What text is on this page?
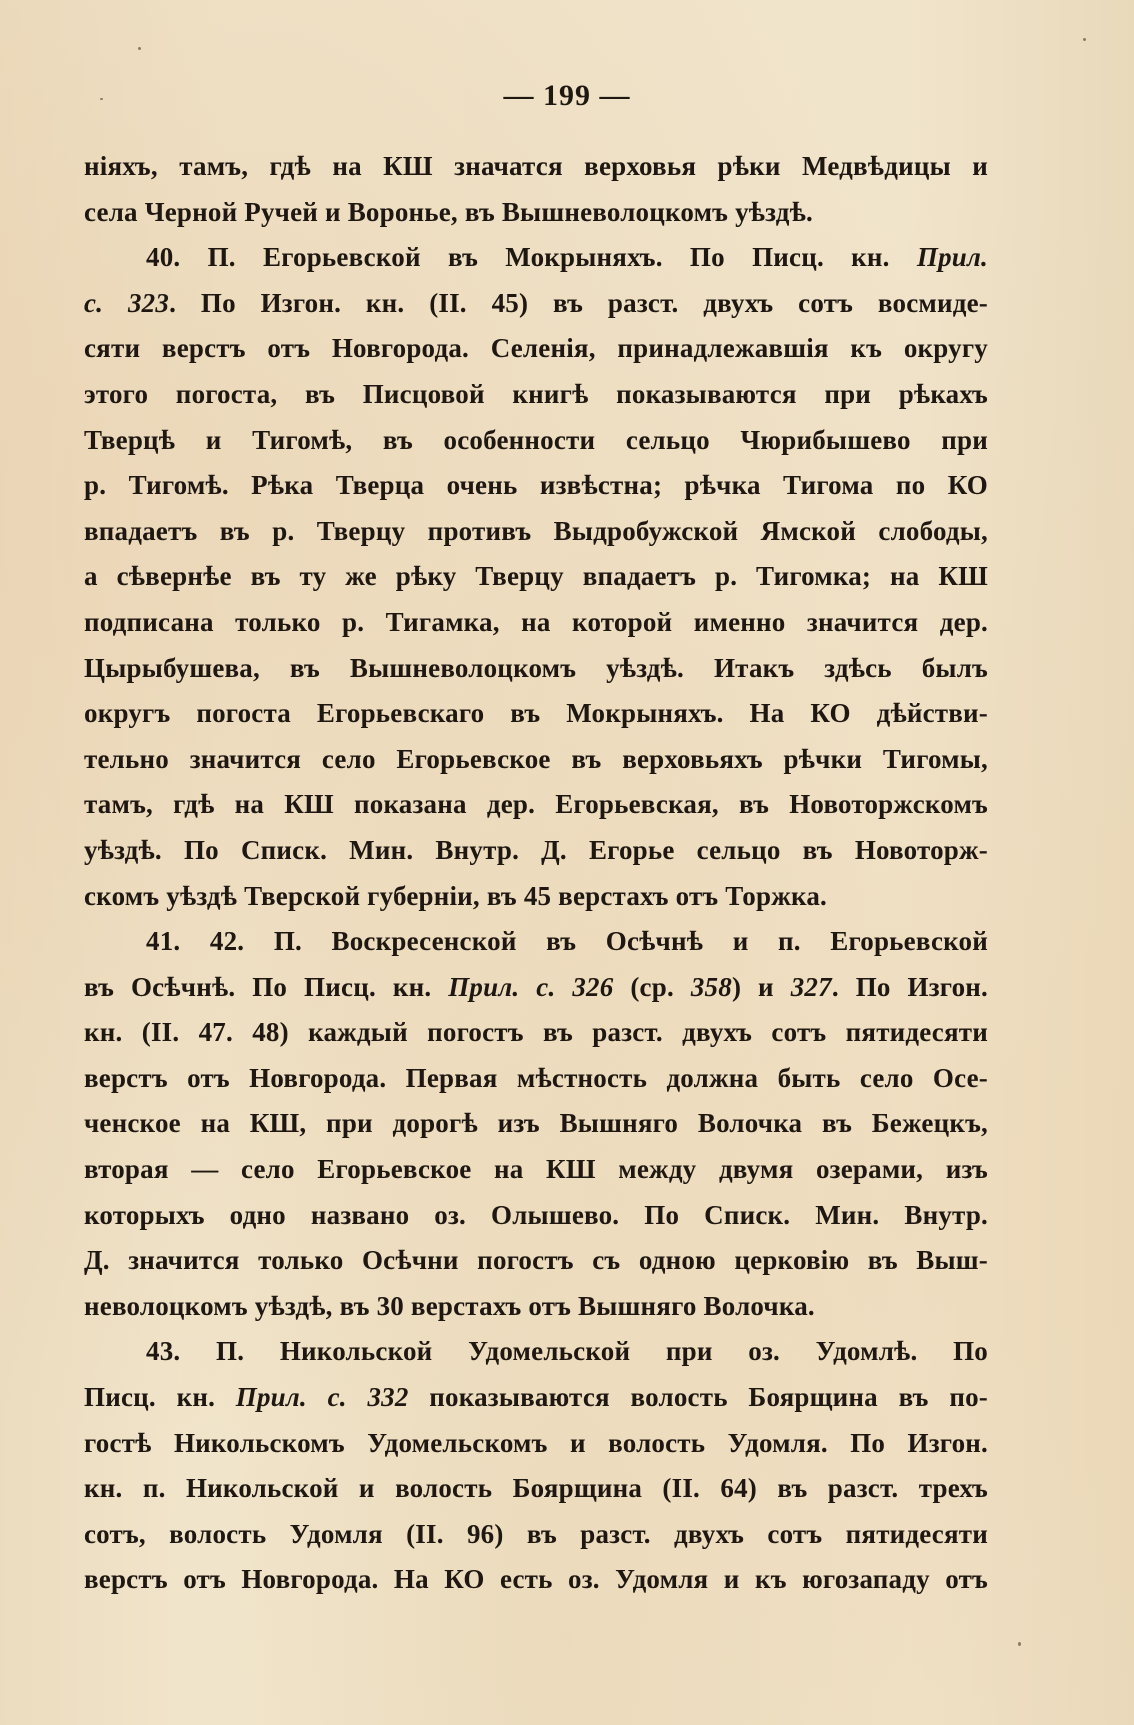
— 199 —
нiяхъ, тамъ, гдѣ на КШ значатся верховья рѣки Медвѣдицы и
села Черной Ручей и Воронье, въ Вышневолоцкомъ уѣздѣ.
40. П. Егорьевской въ Мокрыняхъ. По Писц. кн. Прил.
с. 323. По Изгон. кн. (II. 45) въ разст. двухъ сотъ восмиде-
сяти верстъ отъ Новгорода. Селенiя, принадлежавшiя къ округу
этого погоста, въ Писцовой книгѣ показываются при рѣкахъ
Тверцѣ и Тигомѣ, въ особенности сельцо Чюрибышево при
р. Тигомѣ. Рѣка Тверца очень извѣстна; рѣчка Тигома по КО
впадаетъ въ р. Тверцу противъ Выдробужской Ямской слободы,
а сѣвернѣе въ ту же рѣку Тверцу впадаетъ р. Тигомка; на КШ
подписана только р. Тигамка, на которой именно значится дер.
Цырыбушева, въ Вышневолоцкомъ уѣздѣ. Итакъ здѣсь былъ
округъ погоста Егорьевскаго въ Мокрыняхъ. На КО дѣйстви-
тельно значится село Егорьевское въ верховьяхъ рѣчки Тигомы,
тамъ, гдѣ на КШ показана дер. Егорьевская, въ Новоторжскомъ
уѣздѣ. По Списк. Мин. Внутр. Д. Егорье сельцо въ Новоторж-
скомъ уѣздѣ Тверской губернiи, въ 45 верстахъ отъ Торжка.
41. 42. П. Воскресенской въ Осѣчнѣ и п. Егорьевской
въ Осѣчнѣ. По Писц. кн. Прил. с. 326 (ср. 358) и 327. По Изгон.
кн. (II. 47. 48) каждый погостъ въ разст. двухъ сотъ пятидесяти
верстъ отъ Новгорода. Первая мѣстность должна быть село Осе-
ченское на КШ, при дорогѣ изъ Вышняго Волочка въ Бежецкъ,
вторая — село Егорьевское на КШ между двумя озерами, изъ
которыхъ одно названо оз. Олышево. По Списк. Мин. Внутр.
Д. значится только Осѣчни погостъ съ одною церковiю въ Выш-
неволоцкомъ уѣздѣ, въ 30 верстахъ отъ Вышняго Волочка.
43. П. Никольской Удомельской при оз. Удомлѣ. По
Писц. кн. Прил. с. 332 показываются волость Боярщина въ по-
гостѣ Никольскомъ Удомельскомъ и волость Удомля. По Изгон.
кн. п. Никольской и волость Боярщина (II. 64) въ разст. трехъ
сотъ, волость Удомля (II. 96) въ разст. двухъ сотъ пятидесяти
верстъ отъ Новгорода. На КО есть оз. Удомля и къ югозападу отъ
